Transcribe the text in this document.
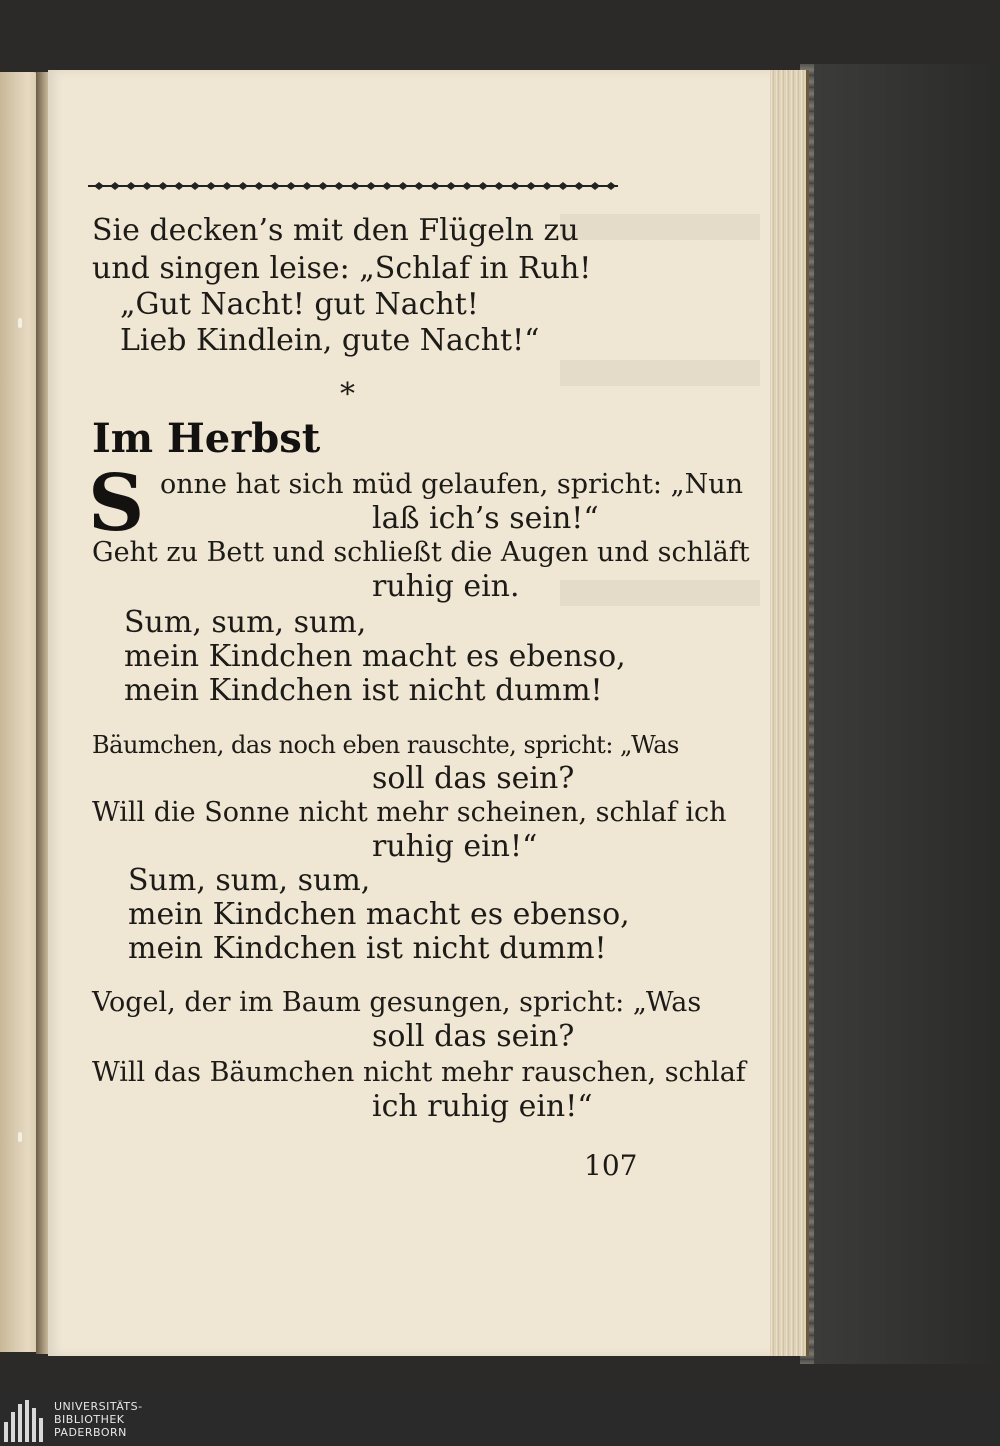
Sie decken’s mit den Flügeln zu
und singen leise: „Schlaf in Ruh!
„Gut Nacht! gut Nacht!
Lieb Kindlein, gute Nacht!“
*
Im Herbst
S onne hat sich müd gelaufen, spricht: „Nun
laß ich’s sein!“
Geht zu Bett und schließt die Augen und schläft
ruhig ein.
Sum, sum, sum,
mein Kindchen macht es ebenso,
mein Kindchen ist nicht dumm!
Bäumchen, das noch eben rauschte, spricht: „Was
soll das sein?
Will die Sonne nicht mehr scheinen, schlaf ich
ruhig ein!“
Sum, sum, sum,
mein Kindchen macht es ebenso,
mein Kindchen ist nicht dumm!
Vogel, der im Baum gesungen, spricht: „Was
soll das sein?
Will das Bäumchen nicht mehr rauschen, schlaf
ich ruhig ein!“
107
UNIVERSITÄTS-
BIBLIOTHEK
PADERBORN
